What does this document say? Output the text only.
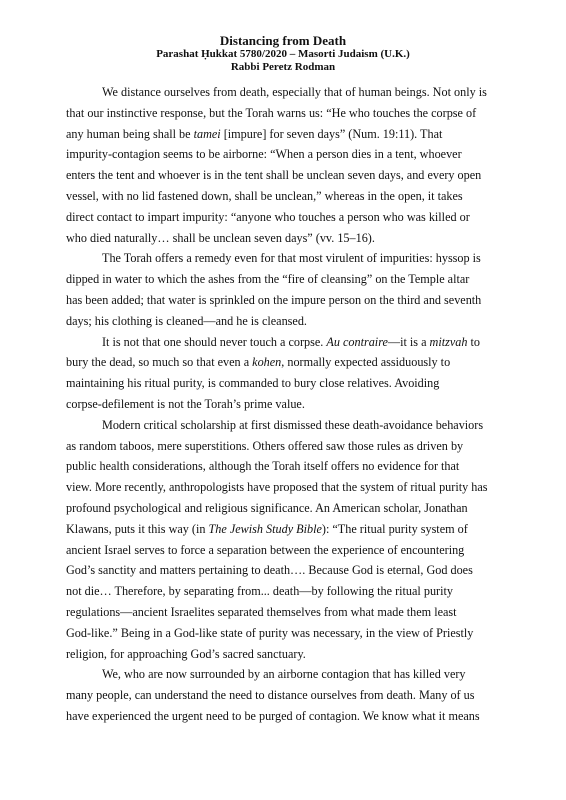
Distancing from Death

Parashat Ḥukkat 5780/2020 – Masorti Judaism (U.K.)

Rabbi Peretz Rodman

We distance ourselves from death, especially that of human beings. Not only is
that our instinctive response, but the Torah warns us: “He who touches the corpse of
any human being shall be tamei [impure] for seven days” (Num. 19:11). That
impurity-contagion seems to be airborne: “When a person dies in a tent, whoever
enters the tent and whoever is in the tent shall be unclean seven days, and every open
vessel, with no lid fastened down, shall be unclean,” whereas in the open, it takes
direct contact to impart impurity: “anyone who touches a person who was killed or
who died naturally… shall be unclean seven days” (vv. 15–16).
The Torah offers a remedy even for that most virulent of impurities: hyssop is
dipped in water to which the ashes from the “fire of cleansing” on the Temple altar
has been added; that water is sprinkled on the impure person on the third and seventh
days; his clothing is cleaned—and he is cleansed.
It is not that one should never touch a corpse. Au contraire—it is a mitzvah to
bury the dead, so much so that even a kohen, normally expected assiduously to
maintaining his ritual purity, is commanded to bury close relatives. Avoiding
corpse-defilement is not the Torah’s prime value.
Modern critical scholarship at first dismissed these death-avoidance behaviors
as random taboos, mere superstitions. Others offered saw those rules as driven by
public health considerations, although the Torah itself offers no evidence for that
view. More recently, anthropologists have proposed that the system of ritual purity has
profound psychological and religious significance. An American scholar, Jonathan
Klawans, puts it this way (in The Jewish Study Bible): “The ritual purity system of
ancient Israel serves to force a separation between the experience of encountering
God’s sanctity and matters pertaining to death…. Because God is eternal, God does
not die… Therefore, by separating from... death—by following the ritual purity
regulations—ancient Israelites separated themselves from what made them least
God-like.” Being in a God-like state of purity was necessary, in the view of Priestly
religion, for approaching God’s sacred sanctuary.
We, who are now surrounded by an airborne contagion that has killed very
many people, can understand the need to distance ourselves from death. Many of us
have experienced the urgent need to be purged of contagion. We know what it means
